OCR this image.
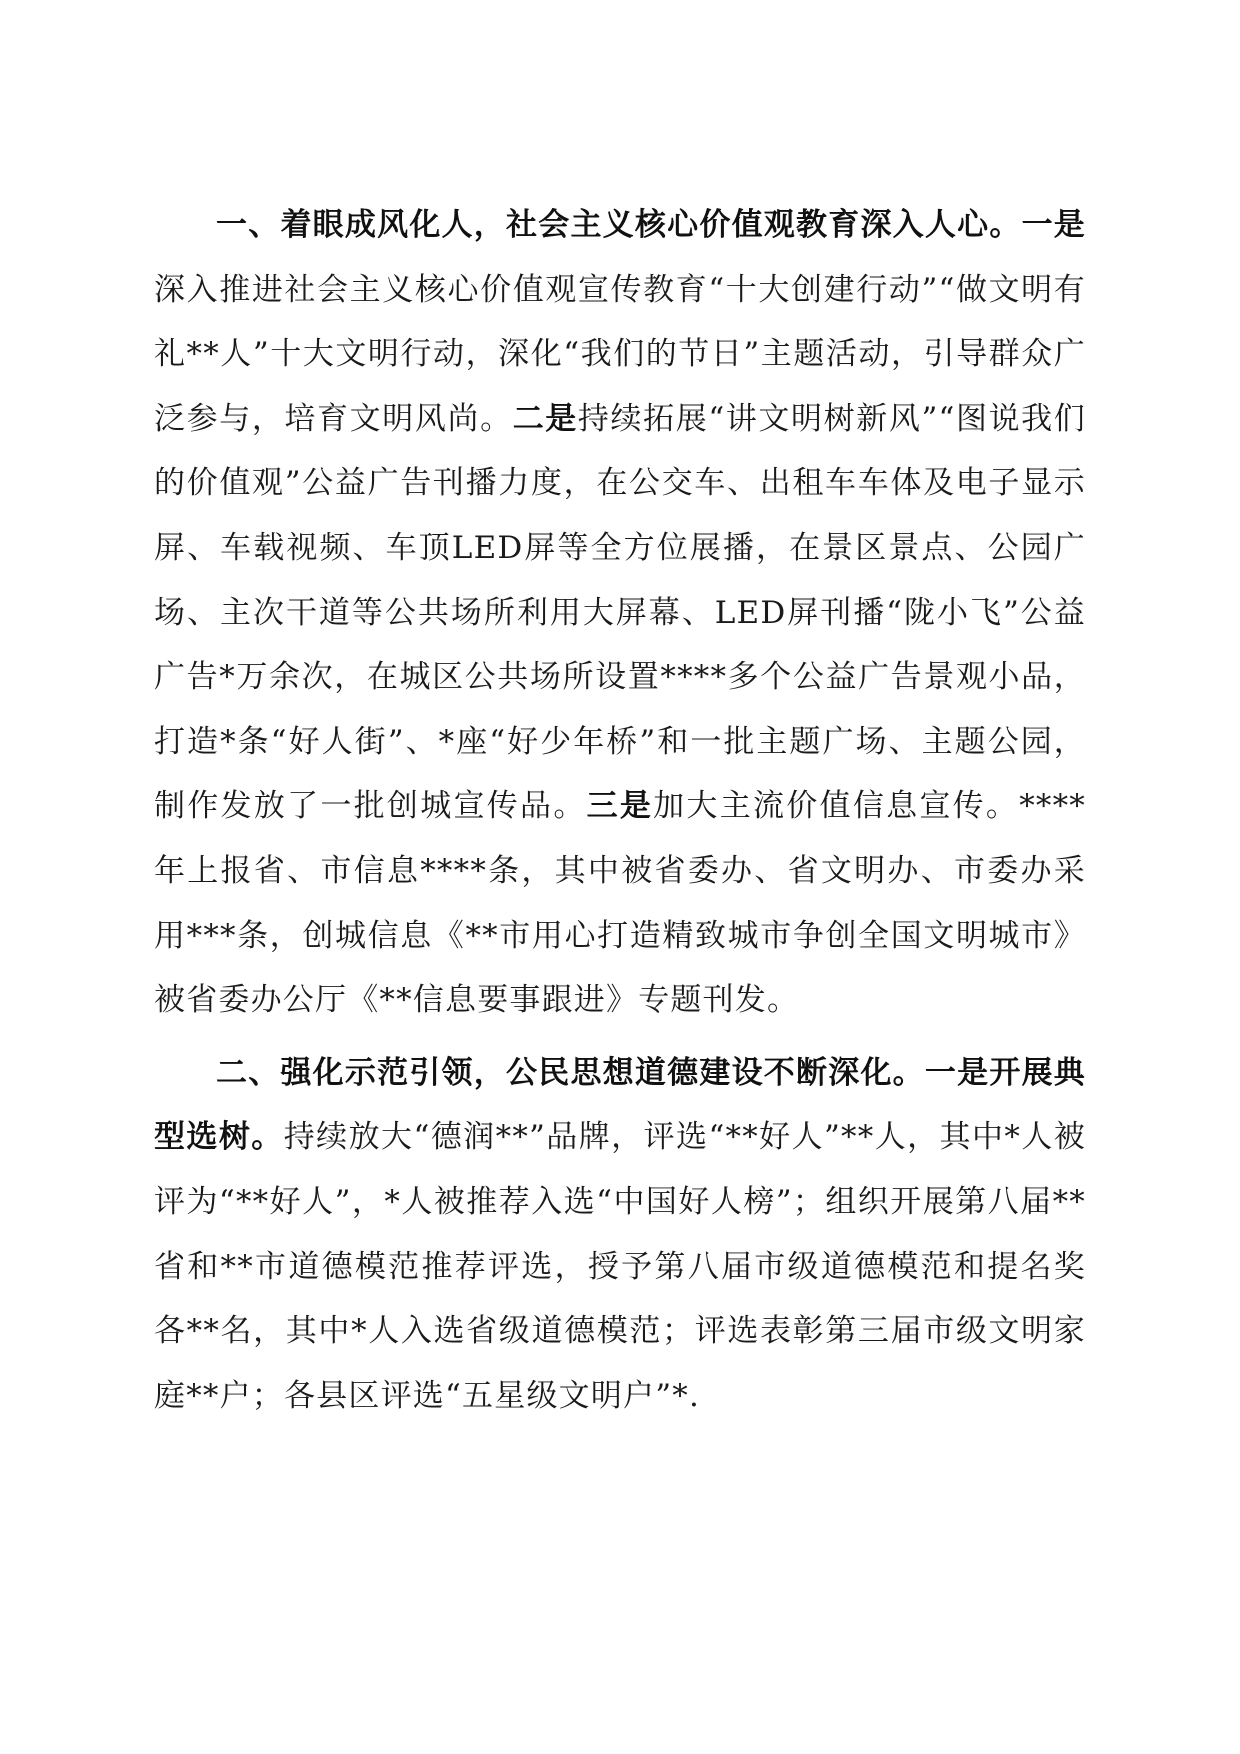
一、着眼成风化人，社会主义核心价值观教育深入人心。一是深入推进社会主义核心价值观宣传教育“十大创建行动”“做文明有礼**人”十大文明行动，深化“我们的节日”主题活动，引导群众广泛参与，培育文明风尚。二是持续拓展“讲文明树新风”“图说我们的价值观”公益广告刊播力度，在公交车、出租车车体及电子显示屏、车载视频、车顶LED屏等全方位展播，在景区景点、公园广场、主次干道等公共场所利用大屏幕、LED屏刊播“陇小飞”公益广告*万余次，在城区公共场所设置****多个公益广告景观小品，打造*条“好人街”、*座“好少年桥”和一批主题广场、主题公园，制作发放了一批创城宣传品。三是加大主流价值信息宣传。****年上报省、市信息****条，其中被省委办、省文明办、市委办采用***条，创城信息《**市用心打造精致城市争创全国文明城市》被省委办公厅《**信息要事跟进》专题刊发。

二、强化示范引领，公民思想道德建设不断深化。一是开展典型选树。持续放大“德润**”品牌，评选“**好人”**人，其中*人被评为“**好人”，*人被推荐入选“中国好人榜”；组织开展第八届**省和**市道德模范推荐评选，授予第八届市级道德模范和提名奖各**名，其中*人入选省级道德模范；评选表彰第三届市级文明家庭**户；各县区评选“五星级文明户”*.
